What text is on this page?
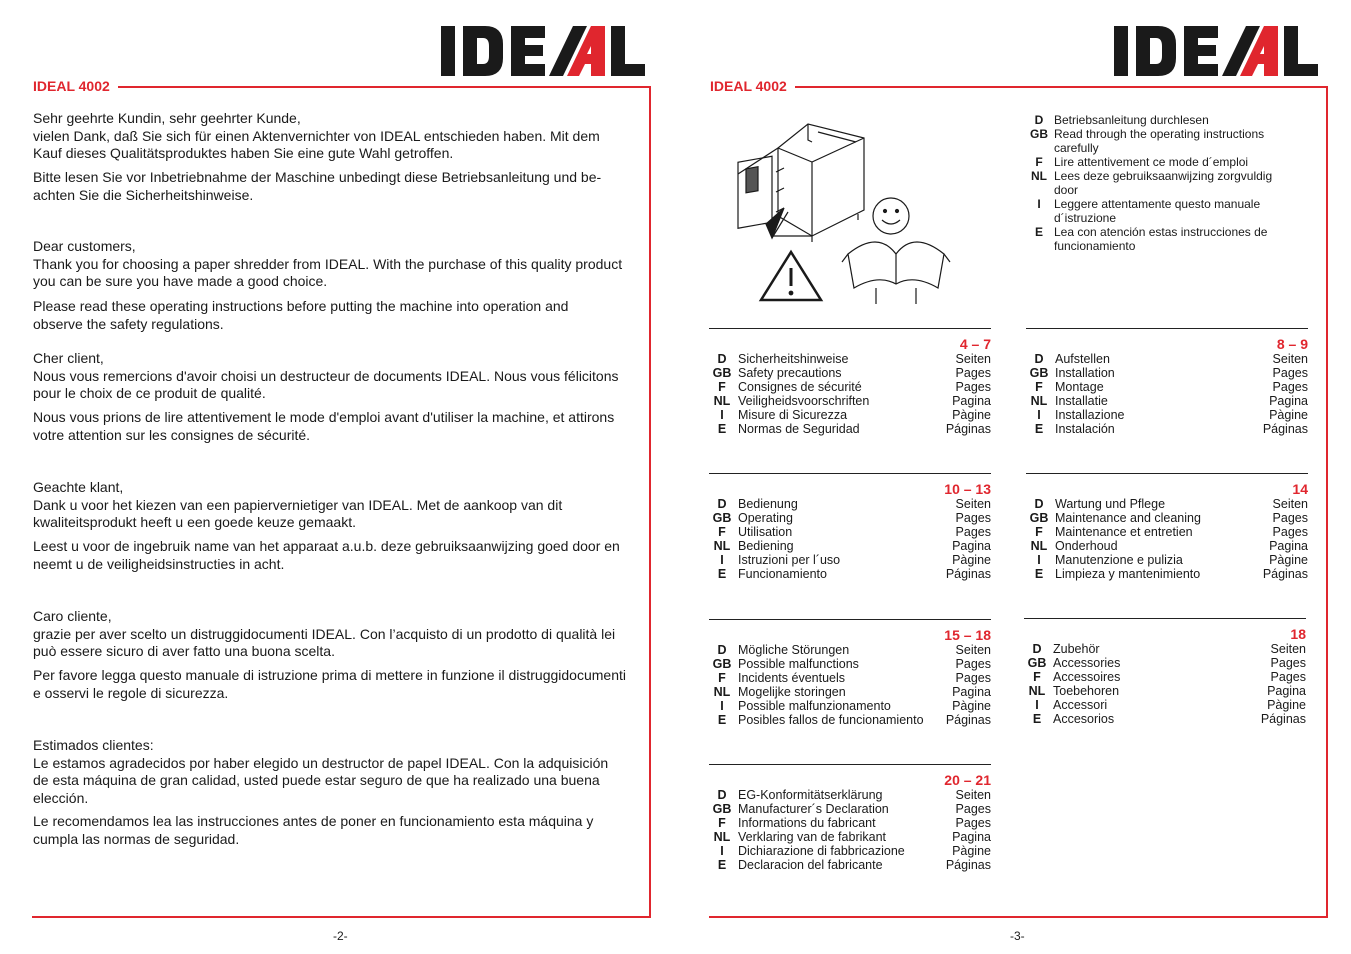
IDEAL 4002
Sehr geehrte Kundin, sehr geehrter Kunde,
vielen Dank, daß Sie sich für einen Aktenvernichter von IDEAL entschieden haben. Mit dem
Kauf dieses Qualitätsproduktes haben Sie eine gute Wahl getroffen.
Bitte lesen Sie vor Inbetriebnahme der Maschine unbedingt diese Betriebsanleitung und be-
achten Sie die Sicherheitshinweise.
Dear customers,
Thank you for choosing a paper shredder from IDEAL. With the purchase of this quality product
you can be sure you have made a good choice.
Please read these operating instructions before putting the machine into operation and
observe the safety regulations.
Cher client,
Nous vous remercions d'avoir choisi un destructeur de documents IDEAL. Nous vous félicitons
pour le choix de ce produit de qualité.
Nous vous prions de lire attentivement le mode d'emploi avant d'utiliser la machine, et attirons
votre attention sur les consignes de sécurité.
Geachte klant,
Dank u voor het kiezen van een papiervernietiger van IDEAL. Met de aankoop van dit
kwaliteitsprodukt heeft u een goede keuze gemaakt.
Leest u voor de ingebruik name van het apparaat a.u.b. deze gebruiksaanwijzing goed door en
neemt u de veiligheidsinstructies in acht.
Caro cliente,
grazie per aver scelto un distruggidocumenti IDEAL. Con l’acquisto di un prodotto di qualità lei
può essere sicuro di aver fatto una buona scelta.
Per favore legga questo manuale di istruzione prima di mettere in funzione il distruggidocumenti
e osservi le regole di sicurezza.
Estimados clientes:
Le estamos agradecidos por haber elegido un destructor de papel IDEAL. Con la adquisición
de esta máquina de gran calidad, usted puede estar seguro de que ha realizado una buena
elección.
Le recomendamos lea las instrucciones antes de poner en funcionamiento esta máquina y
cumpla las normas de seguridad.
-2-
IDEAL 4002
D Betriebsanleitung durchlesen
GB Read through the operating instructions
carefully
F Lire attentivement ce mode d´emploi
NL Lees deze gebruiksaanwijzing zorgvuldig
door
I	Leggere attentamente questo manuale
d´istruzione
E Lea con atención estas instrucciones de
funcionamiento
4 – 7
D Sicherheitshinweise	Seiten
GB Safety precautions	Pages
F Consignes de sécurité	Pages
NL Veiligheidsvoorschriften	Pagina
I	Misure di Sicurezza	Pàgine
E Normas de Seguridad	Páginas
8 – 9
D Aufstellen	Seiten
GB Installation	Pages
F Montage	Pages
NL Installatie	Pagina
I	Installazione	Pàgine
E Instalación	Páginas
10 – 13
D Bedienung	Seiten
GB Operating	Pages
F Utilisation	Pages
NL Bediening	Pagina
I	Istruzioni per l´uso	Pàgine
E Funcionamiento	Páginas
14
D Wartung und Pflege	Seiten
GB Maintenance and cleaning	Pages
F Maintenance et entretien	Pages
NL Onderhoud	Pagina
I	Manutenzione e pulizia	Pàgine
E Limpieza y mantenimiento	Páginas
15 – 18
D Mögliche Störungen	Seiten
GB Possible malfunctions	Pages
F Incidents éventuels	Pages
NL Mogelijke storingen	Pagina
I	Possible malfunzionamento	Pàgine
E Posibles fallos de funcionamiento	Páginas
18
D Zubehör	Seiten
GB Accessories	Pages
F Accessoires	Pages
NL Toebehoren	Pagina
I	Accessori	Pàgine
E Accesorios	Páginas
20 – 21
D EG-Konformitätserklärung	Seiten
GB Manufacturer´s Declaration	Pages
F Informations du fabricant	Pages
NL Verklaring van de fabrikant	Pagina
I	Dichiarazione di fabbricazione	Pàgine
E Declaracion del fabricante	Páginas
-3-
